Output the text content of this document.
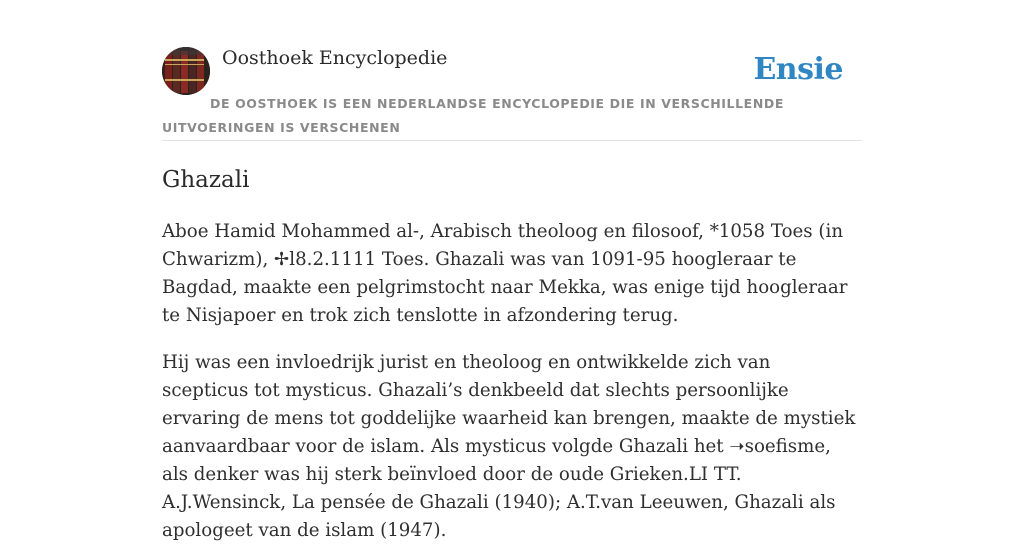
Oosthoek Encyclopedie	Ensie
DE OOSTHOEK IS EEN NEDERLANDSE ENCYCLOPEDIE DIE IN VERSCHILLENDE UITVOERINGEN IS VERSCHENEN
Ghazali

Aboe Hamid Mohammed al-, Arabisch theoloog en filosoof, *1058 Toes (in Chwarizm), ✢l8.2.1111 Toes. Ghazali was van 1091-95 hoogleraar te Bagdad, maakte een pelgrimstocht naar Mekka, was enige tijd hoogleraar te Nisjapoer en trok zich tenslotte in afzondering terug.

Hij was een invloedrijk jurist en theoloog en ontwikkelde zich van scepticus tot mysticus. Ghazali’s denkbeeld dat slechts persoonlijke ervaring de mens tot goddelijke waarheid kan brengen, maakte de mystiek aanvaardbaar voor de islam. Als mysticus volgde Ghazali het ➝soefisme, als denker was hij sterk beïnvloed door de oude Grieken.LI TT. A.J.Wensinck, La pensée de Ghazali (1940); A.T.van Leeuwen, Ghazali als apologeet van de islam (1947).
